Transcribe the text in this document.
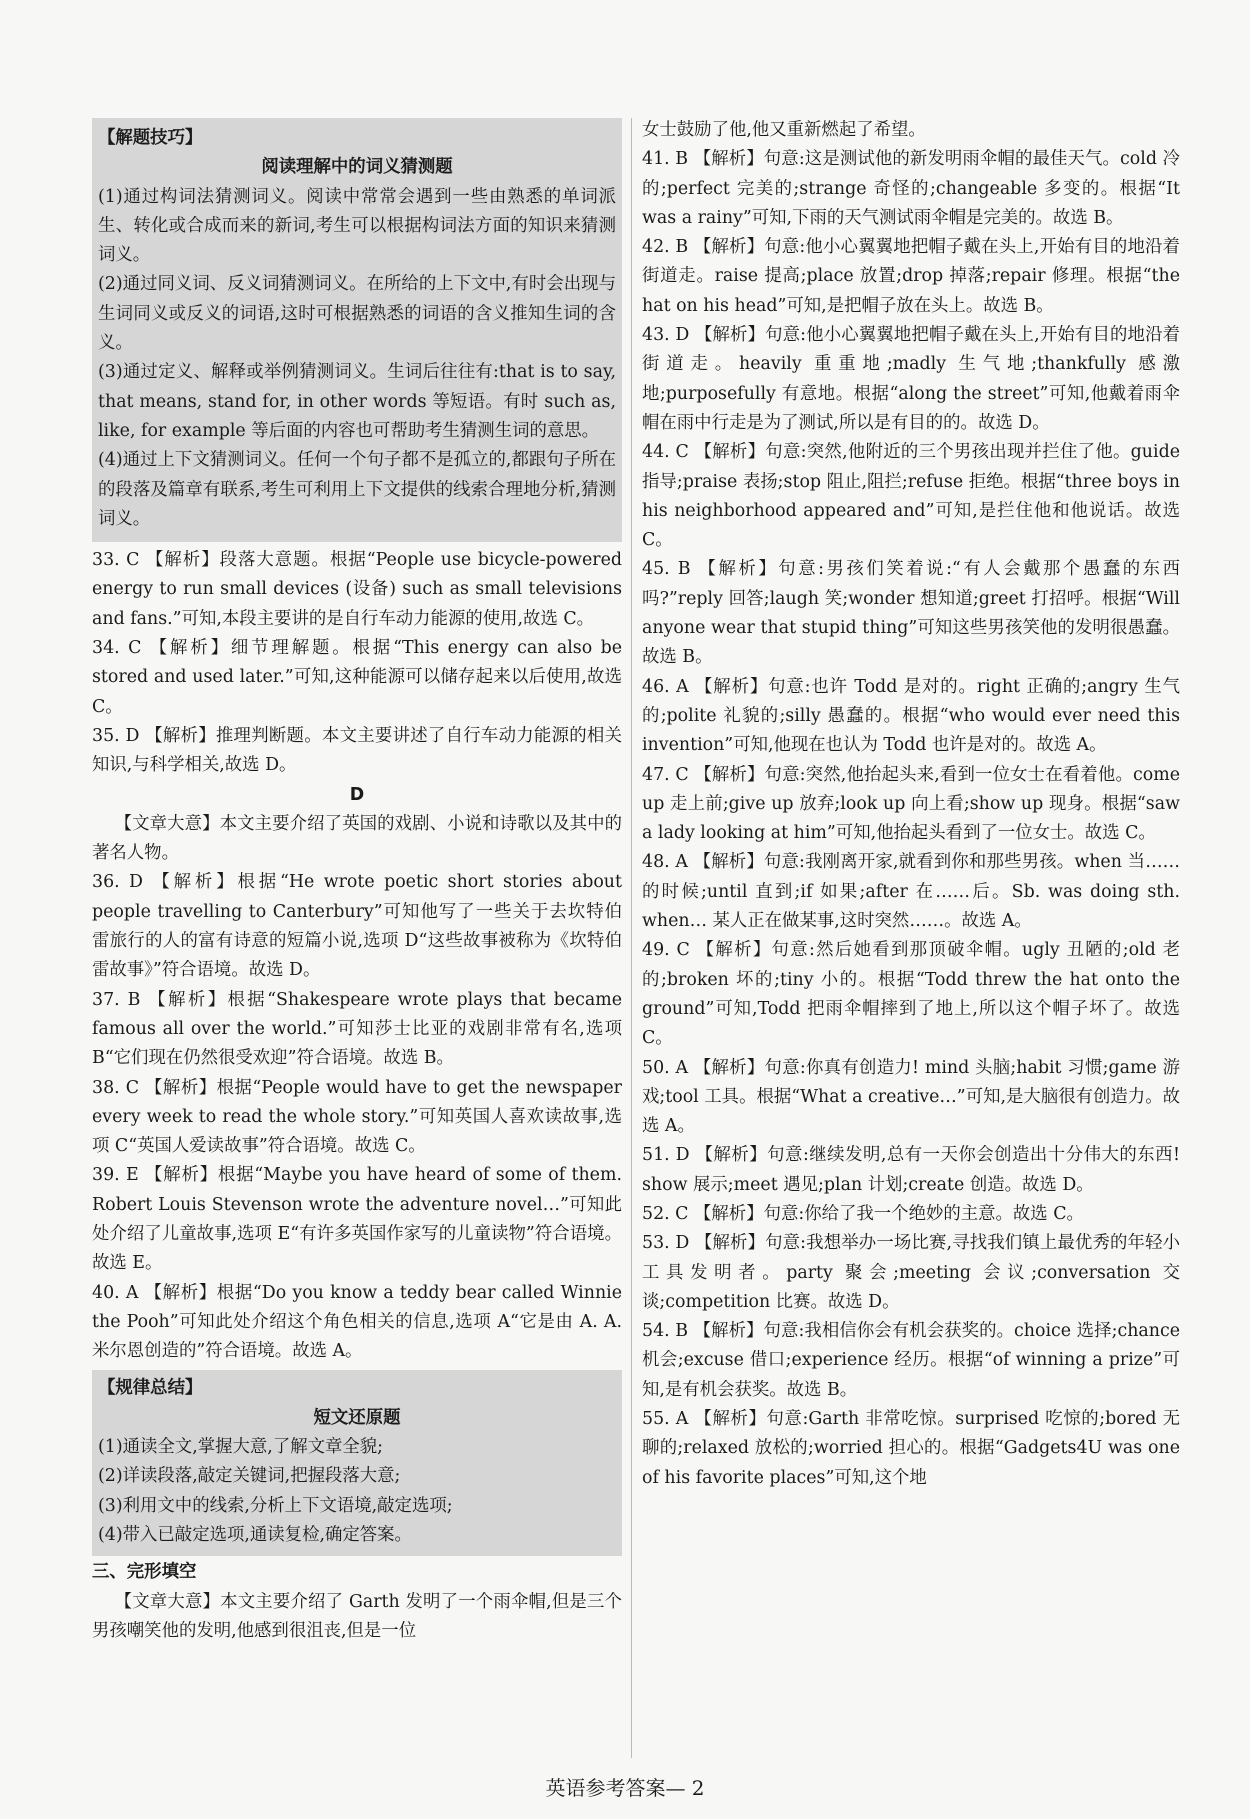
【解题技巧】

阅读理解中的词义猜测题

(1)通过构词法猜测词义。阅读中常常会遇到一些由熟悉的单词派生、转化或合成而来的新词,考生可以根据构词法方面的知识来猜测词义。

(2)通过同义词、反义词猜测词义。在所给的上下文中,有时会出现与生词同义或反义的词语,这时可根据熟悉的词语的含义推知生词的含义。

(3)通过定义、解释或举例猜测词义。生词后往往有:that is to say, that means, stand for, in other words 等短语。有时 such as, like, for example 等后面的内容也可帮助考生猜测生词的意思。

(4)通过上下文猜测词义。任何一个句子都不是孤立的,都跟句子所在的段落及篇章有联系,考生可利用上下文提供的线索合理地分析,猜测词义。

33. C 【解析】段落大意题。根据“People use bicycle-powered energy to run small devices (设备) such as small televisions and fans.”可知,本段主要讲的是自行车动力能源的使用,故选 C。

34. C 【解析】细节理解题。根据“This energy can also be stored and used later.”可知,这种能源可以储存起来以后使用,故选 C。

35. D 【解析】推理判断题。本文主要讲述了自行车动力能源的相关知识,与科学相关,故选 D。

D

【文章大意】本文主要介绍了英国的戏剧、小说和诗歌以及其中的著名人物。

36. D 【解析】根据“He wrote poetic short stories about people travelling to Canterbury”可知他写了一些关于去坎特伯雷旅行的人的富有诗意的短篇小说,选项 D“这些故事被称为《坎特伯雷故事》”符合语境。故选 D。

37. B 【解析】根据“Shakespeare wrote plays that became famous all over the world.”可知莎士比亚的戏剧非常有名,选项 B“它们现在仍然很受欢迎”符合语境。故选 B。

38. C 【解析】根据“People would have to get the newspaper every week to read the whole story.”可知英国人喜欢读故事,选项 C“英国人爱读故事”符合语境。故选 C。

39. E 【解析】根据“Maybe you have heard of some of them. Robert Louis Stevenson wrote the adventure novel…”可知此处介绍了儿童故事,选项 E“有许多英国作家写的儿童读物”符合语境。故选 E。

40. A 【解析】根据“Do you know a teddy bear called Winnie the Pooh”可知此处介绍这个角色相关的信息,选项 A“它是由 A. A. 米尔恩创造的”符合语境。故选 A。

【规律总结】

短文还原题

(1)通读全文,掌握大意,了解文章全貌;

(2)详读段落,敲定关键词,把握段落大意;

(3)利用文中的线索,分析上下文语境,敲定选项;

(4)带入已敲定选项,通读复检,确定答案。

三、完形填空

【文章大意】本文主要介绍了 Garth 发明了一个雨伞帽,但是三个男孩嘲笑他的发明,他感到很沮丧,但是一位

女士鼓励了他,他又重新燃起了希望。

41. B 【解析】句意:这是测试他的新发明雨伞帽的最佳天气。cold 冷的;perfect 完美的;strange 奇怪的;changeable 多变的。根据“It was a rainy”可知,下雨的天气测试雨伞帽是完美的。故选 B。

42. B 【解析】句意:他小心翼翼地把帽子戴在头上,开始有目的地沿着街道走。raise 提高;place 放置;drop 掉落;repair 修理。根据“the hat on his head”可知,是把帽子放在头上。故选 B。

43. D 【解析】句意:他小心翼翼地把帽子戴在头上,开始有目的地沿着街道走。heavily 重重地;madly 生气地;thankfully 感激地;purposefully 有意地。根据“along the street”可知,他戴着雨伞帽在雨中行走是为了测试,所以是有目的的。故选 D。

44. C 【解析】句意:突然,他附近的三个男孩出现并拦住了他。guide 指导;praise 表扬;stop 阻止,阻拦;refuse 拒绝。根据“three boys in his neighborhood appeared and”可知,是拦住他和他说话。故选 C。

45. B 【解析】句意:男孩们笑着说:“有人会戴那个愚蠢的东西吗?”reply 回答;laugh 笑;wonder 想知道;greet 打招呼。根据“Will anyone wear that stupid thing”可知这些男孩笑他的发明很愚蠢。故选 B。

46. A 【解析】句意:也许 Todd 是对的。right 正确的;angry 生气的;polite 礼貌的;silly 愚蠢的。根据“who would ever need this invention”可知,他现在也认为 Todd 也许是对的。故选 A。

47. C 【解析】句意:突然,他抬起头来,看到一位女士在看着他。come up 走上前;give up 放弃;look up 向上看;show up 现身。根据“saw a lady looking at him”可知,他抬起头看到了一位女士。故选 C。

48. A 【解析】句意:我刚离开家,就看到你和那些男孩。when 当……的时候;until 直到;if 如果;after 在……后。Sb. was doing sth. when… 某人正在做某事,这时突然……。故选 A。

49. C 【解析】句意:然后她看到那顶破伞帽。ugly 丑陋的;old 老的;broken 坏的;tiny 小的。根据“Todd threw the hat onto the ground”可知,Todd 把雨伞帽摔到了地上,所以这个帽子坏了。故选 C。

50. A 【解析】句意:你真有创造力! mind 头脑;habit 习惯;game 游戏;tool 工具。根据“What a creative…”可知,是大脑很有创造力。故选 A。

51. D 【解析】句意:继续发明,总有一天你会创造出十分伟大的东西! show 展示;meet 遇见;plan 计划;create 创造。故选 D。

52. C 【解析】句意:你给了我一个绝妙的主意。故选 C。

53. D 【解析】句意:我想举办一场比赛,寻找我们镇上最优秀的年轻小工具发明者。party 聚会;meeting 会议;conversation 交谈;competition 比赛。故选 D。

54. B 【解析】句意:我相信你会有机会获奖的。choice 选择;chance 机会;excuse 借口;experience 经历。根据“of winning a prize”可知,是有机会获奖。故选 B。

55. A 【解析】句意:Garth 非常吃惊。surprised 吃惊的;bored 无聊的;relaxed 放松的;worried 担心的。根据“Gadgets4U was one of his favorite places”可知,这个地

英语参考答案— 2
